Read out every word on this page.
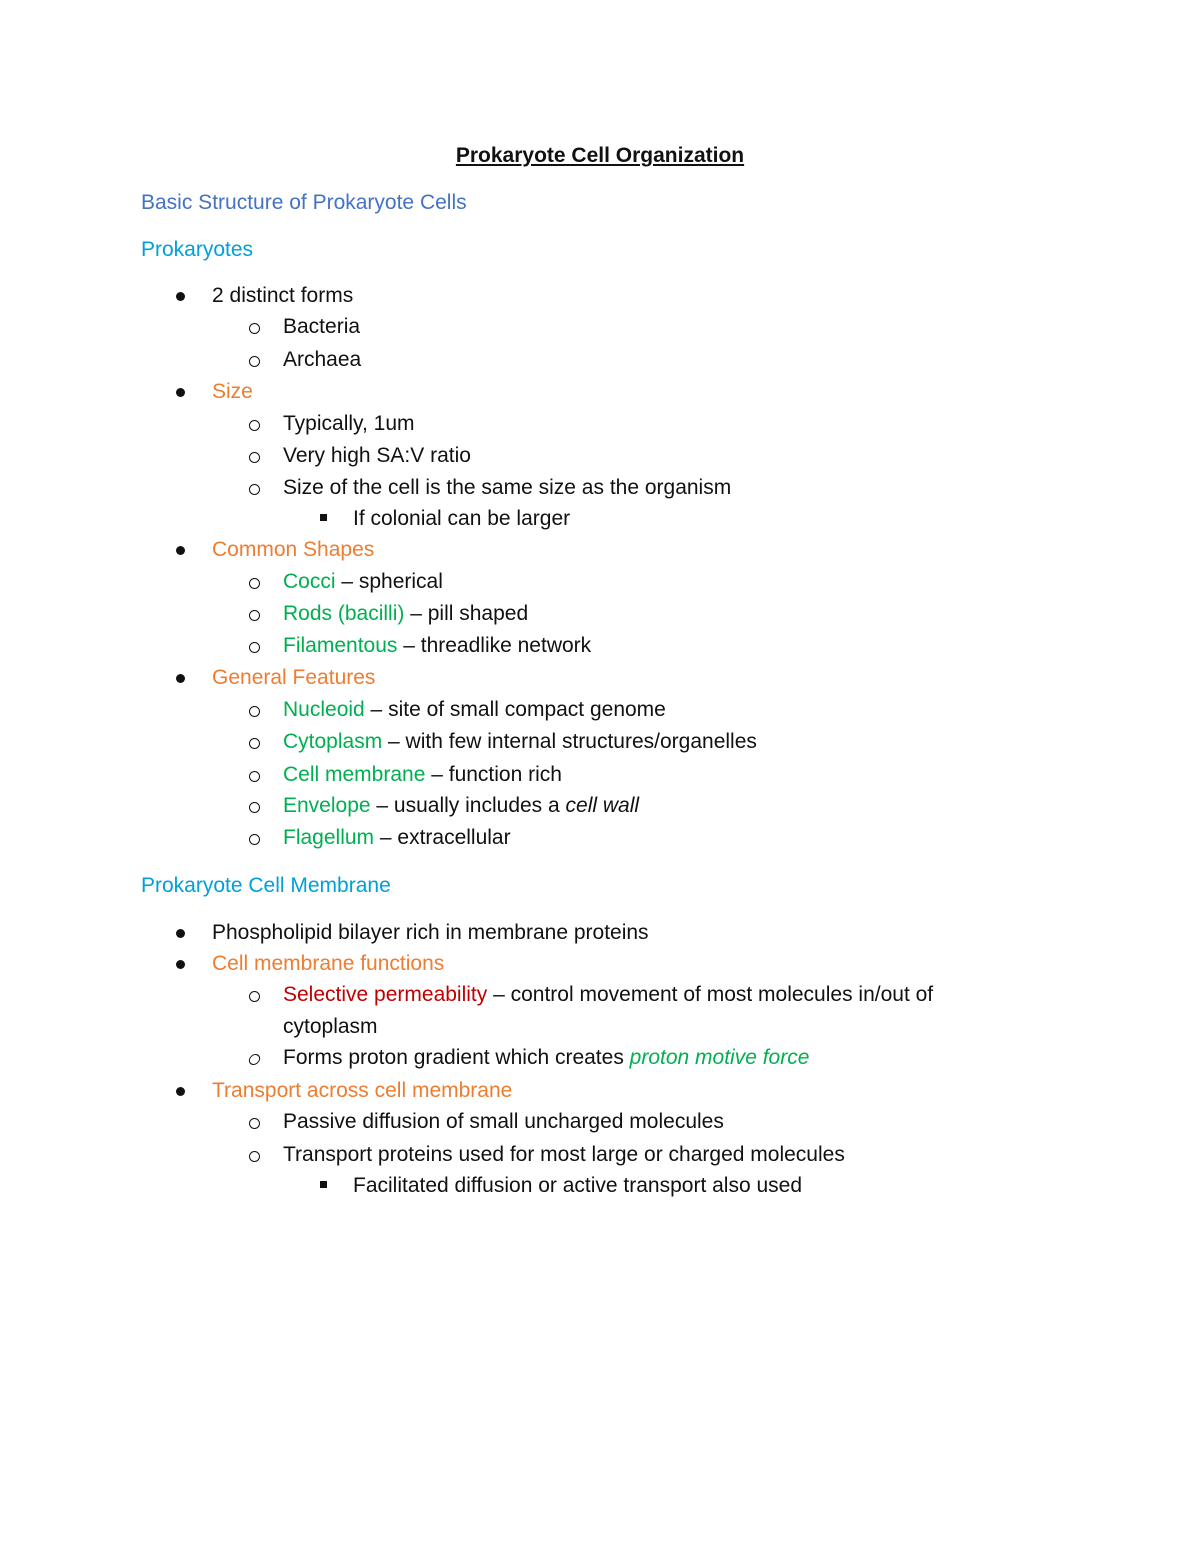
Prokaryote Cell Organization
Basic Structure of Prokaryote Cells
Prokaryotes
2 distinct forms
Bacteria
Archaea
Size
Typically, 1um
Very high SA:V ratio
Size of the cell is the same size as the organism
If colonial can be larger
Common Shapes
Cocci – spherical
Rods (bacilli) – pill shaped
Filamentous – threadlike network
General Features
Nucleoid – site of small compact genome
Cytoplasm – with few internal structures/organelles
Cell membrane – function rich
Envelope – usually includes a cell wall
Flagellum – extracellular
Prokaryote Cell Membrane
Phospholipid bilayer rich in membrane proteins
Cell membrane functions
Selective permeability – control movement of most molecules in/out of
cytoplasm
Forms proton gradient which creates proton motive force
Transport across cell membrane
Passive diffusion of small uncharged molecules
Transport proteins used for most large or charged molecules
Facilitated diffusion or active transport also used
